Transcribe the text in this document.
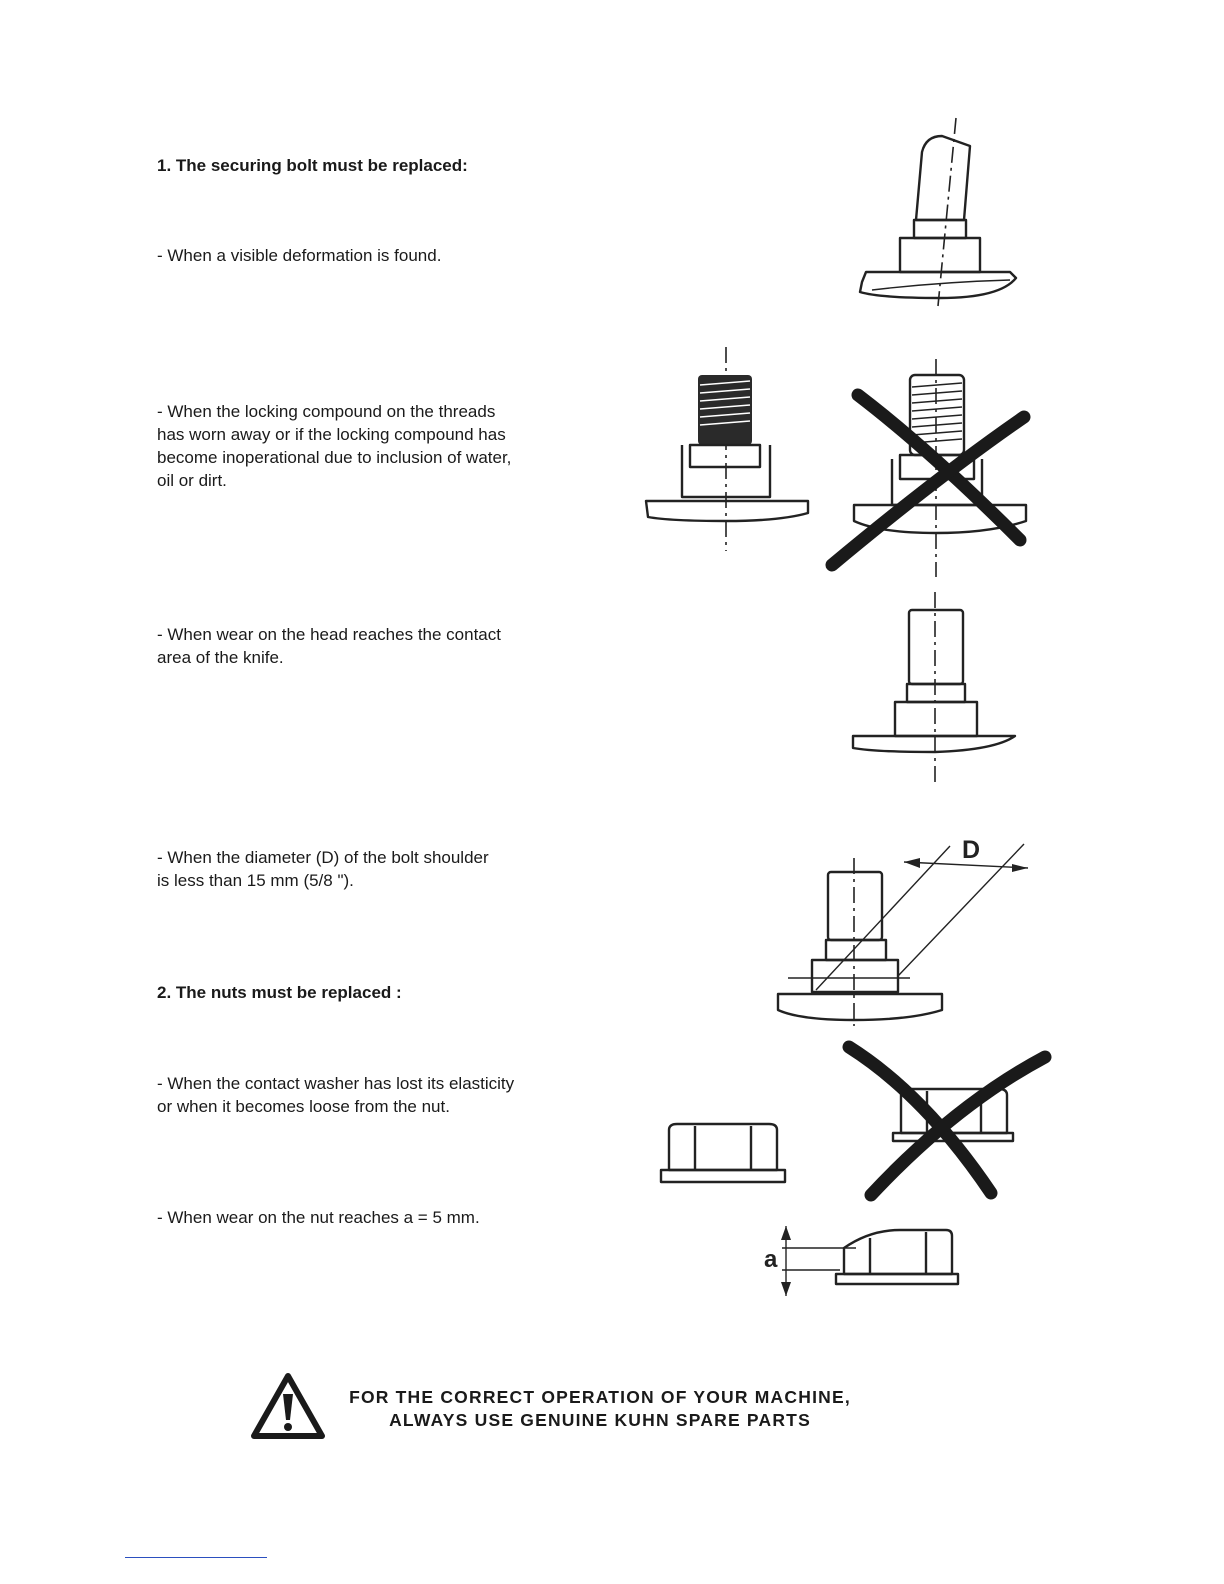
1. The securing bolt must be replaced:
- When a visible deformation is found.
- When the locking compound on the threads
has worn away or if the locking compound has
become inoperational due to inclusion of water,
oil or dirt.
- When wear on the head reaches the contact
area of the knife.
- When the diameter (D) of the bolt shoulder
is less than 15 mm (5/8 ").
2. The nuts must be replaced :
- When the contact washer has lost its elasticity
or when it becomes loose from the nut.
- When wear on the nut reaches a = 5 mm.
D
a
FOR THE CORRECT OPERATION OF YOUR MACHINE,
ALWAYS USE GENUINE KUHN SPARE PARTS
